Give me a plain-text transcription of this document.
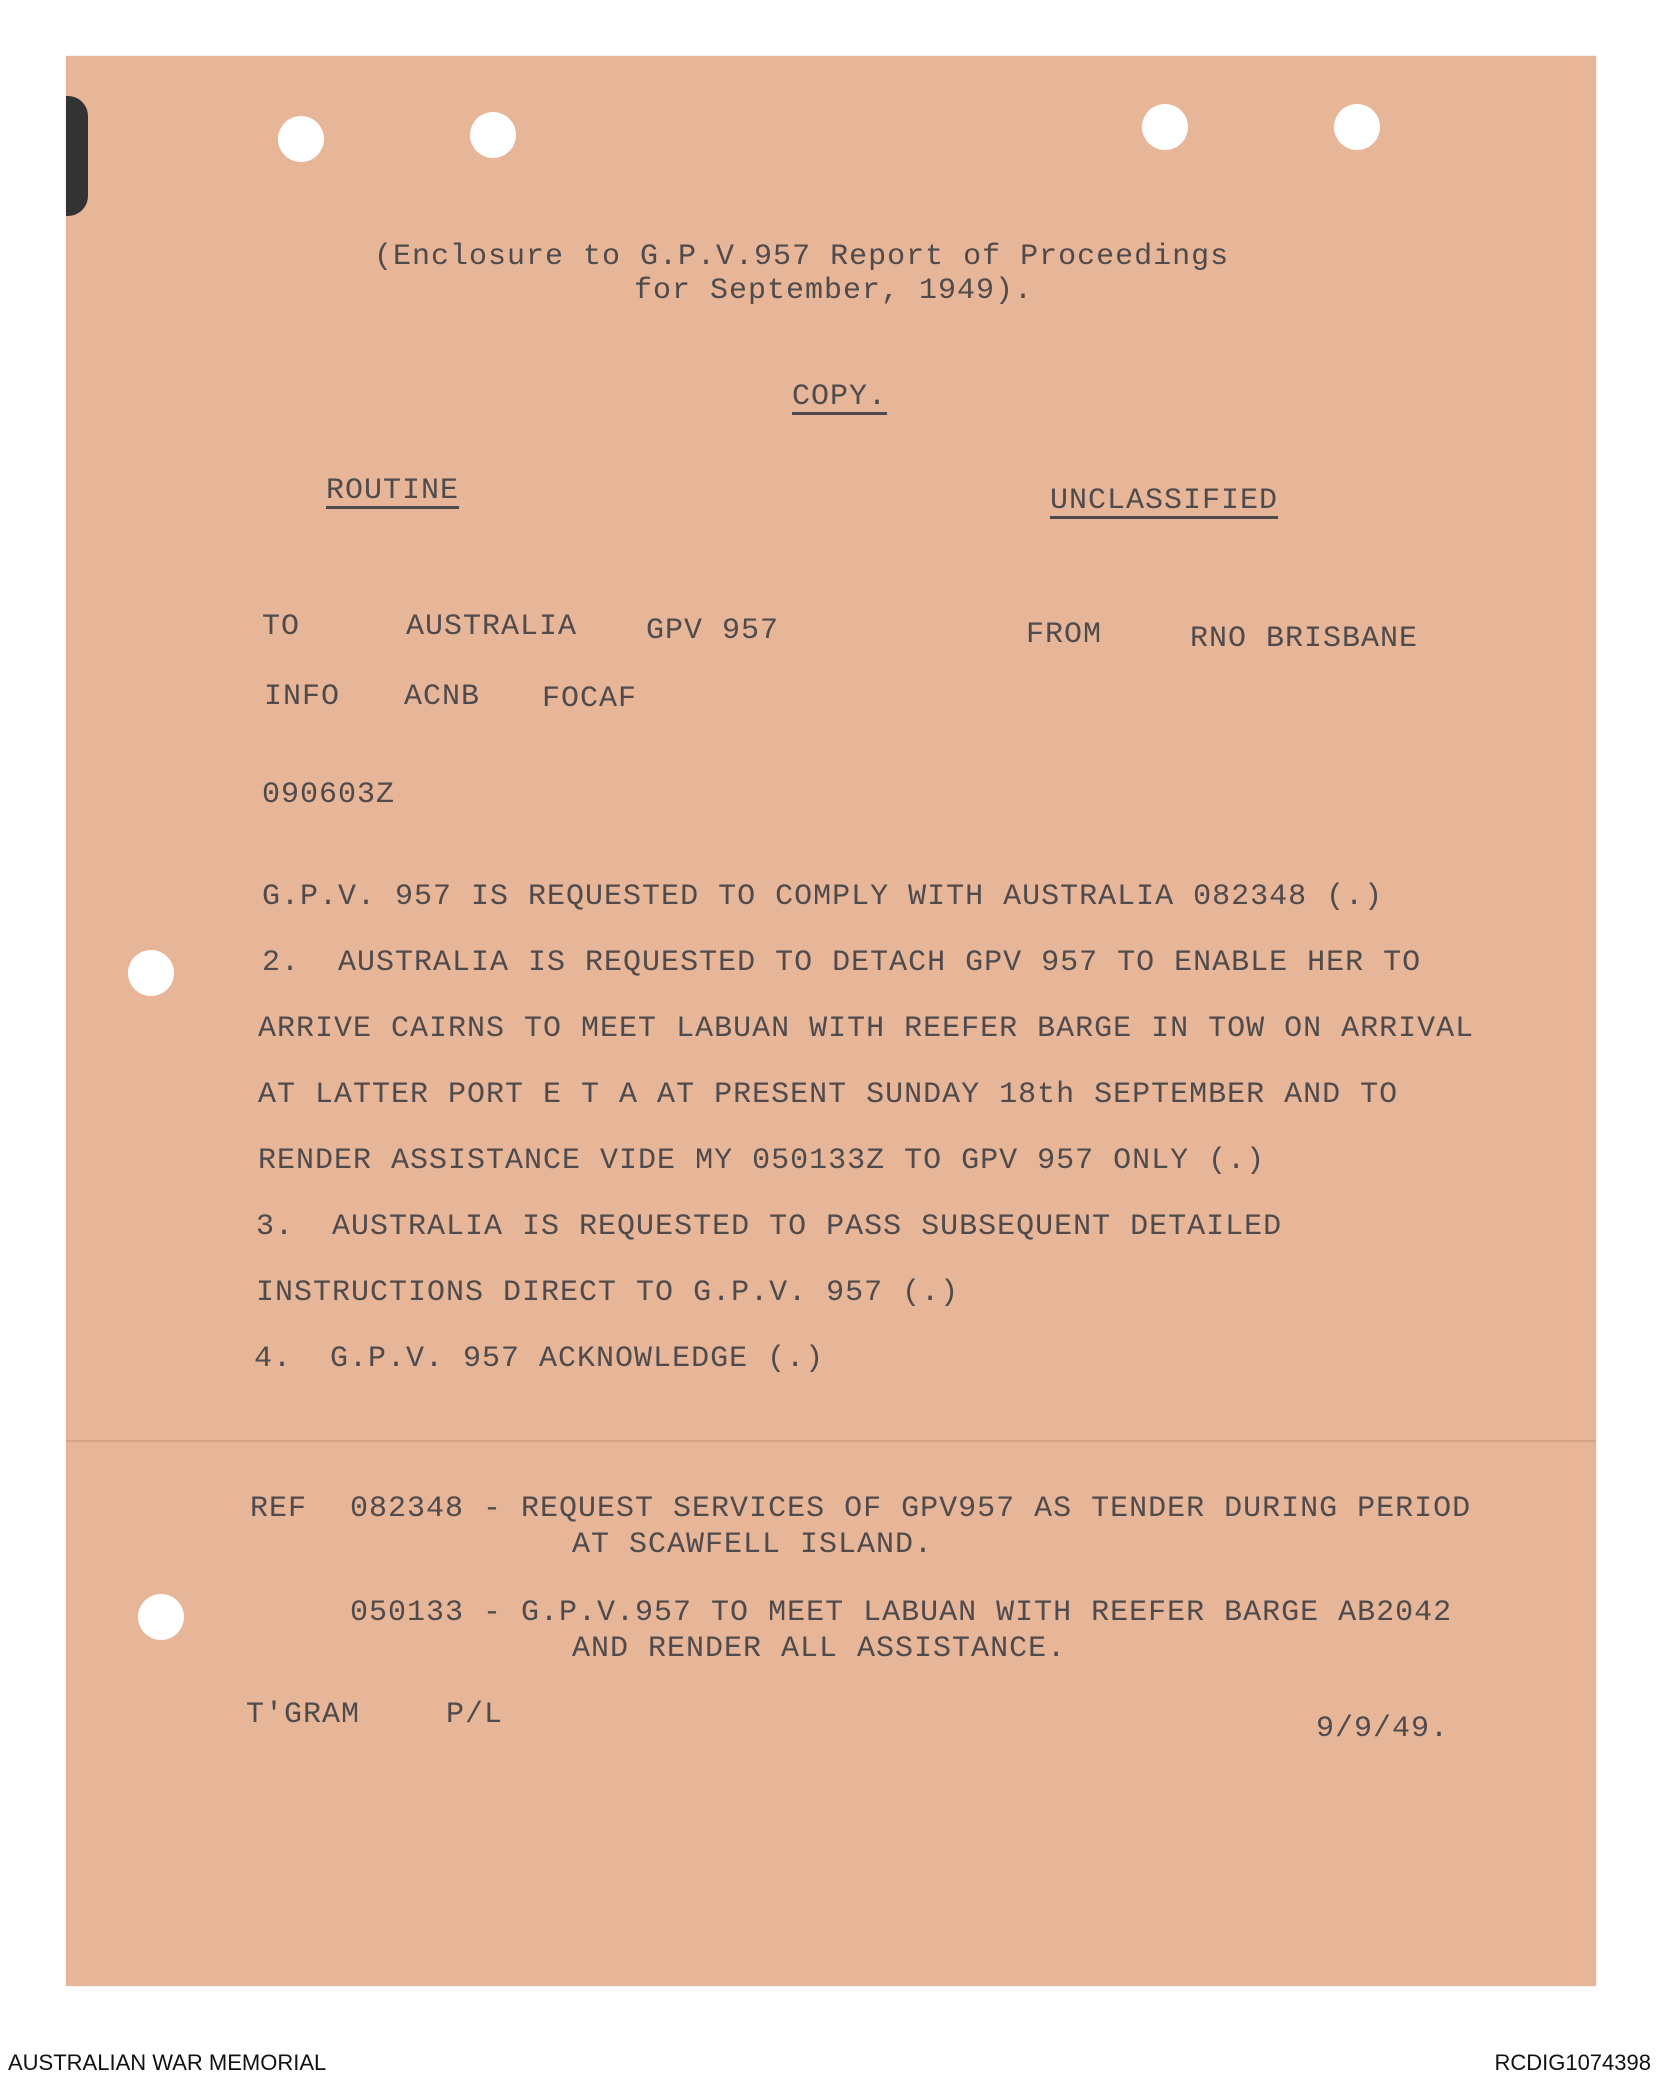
(Enclosure to G.P.V.957 Report of Proceedings
for September, 1949).
COPY.
ROUTINE	UNCLASSIFIED
TO	AUSTRALIA GPV 957	FROM	RNO BRISBANE
INFO ACNB FOCAF
090603Z
G.P.V. 957 IS REQUESTED TO COMPLY WITH AUSTRALIA 082348 (.)
2.  AUSTRALIA IS REQUESTED TO DETACH GPV 957 TO ENABLE HER TO
ARRIVE CAIRNS TO MEET LABUAN WITH REEFER BARGE IN TOW ON ARRIVAL
AT LATTER PORT E T A AT PRESENT SUNDAY 18th SEPTEMBER AND TO
RENDER ASSISTANCE VIDE MY 050133Z TO GPV 957 ONLY (.)
3.  AUSTRALIA IS REQUESTED TO PASS SUBSEQUENT DETAILED
INSTRUCTIONS DIRECT TO G.P.V. 957 (.)
4.  G.P.V. 957 ACKNOWLEDGE (.)
REF 082348 - REQUEST SERVICES OF GPV957 AS TENDER DURING PERIOD
AT SCAWFELL ISLAND.
050133 - G.P.V.957 TO MEET LABUAN WITH REEFER BARGE AB2042
AND RENDER ALL ASSISTANCE.
T'GRAM	P/L	9/9/49.
AUSTRALIAN WAR MEMORIAL	RCDIG1074398
